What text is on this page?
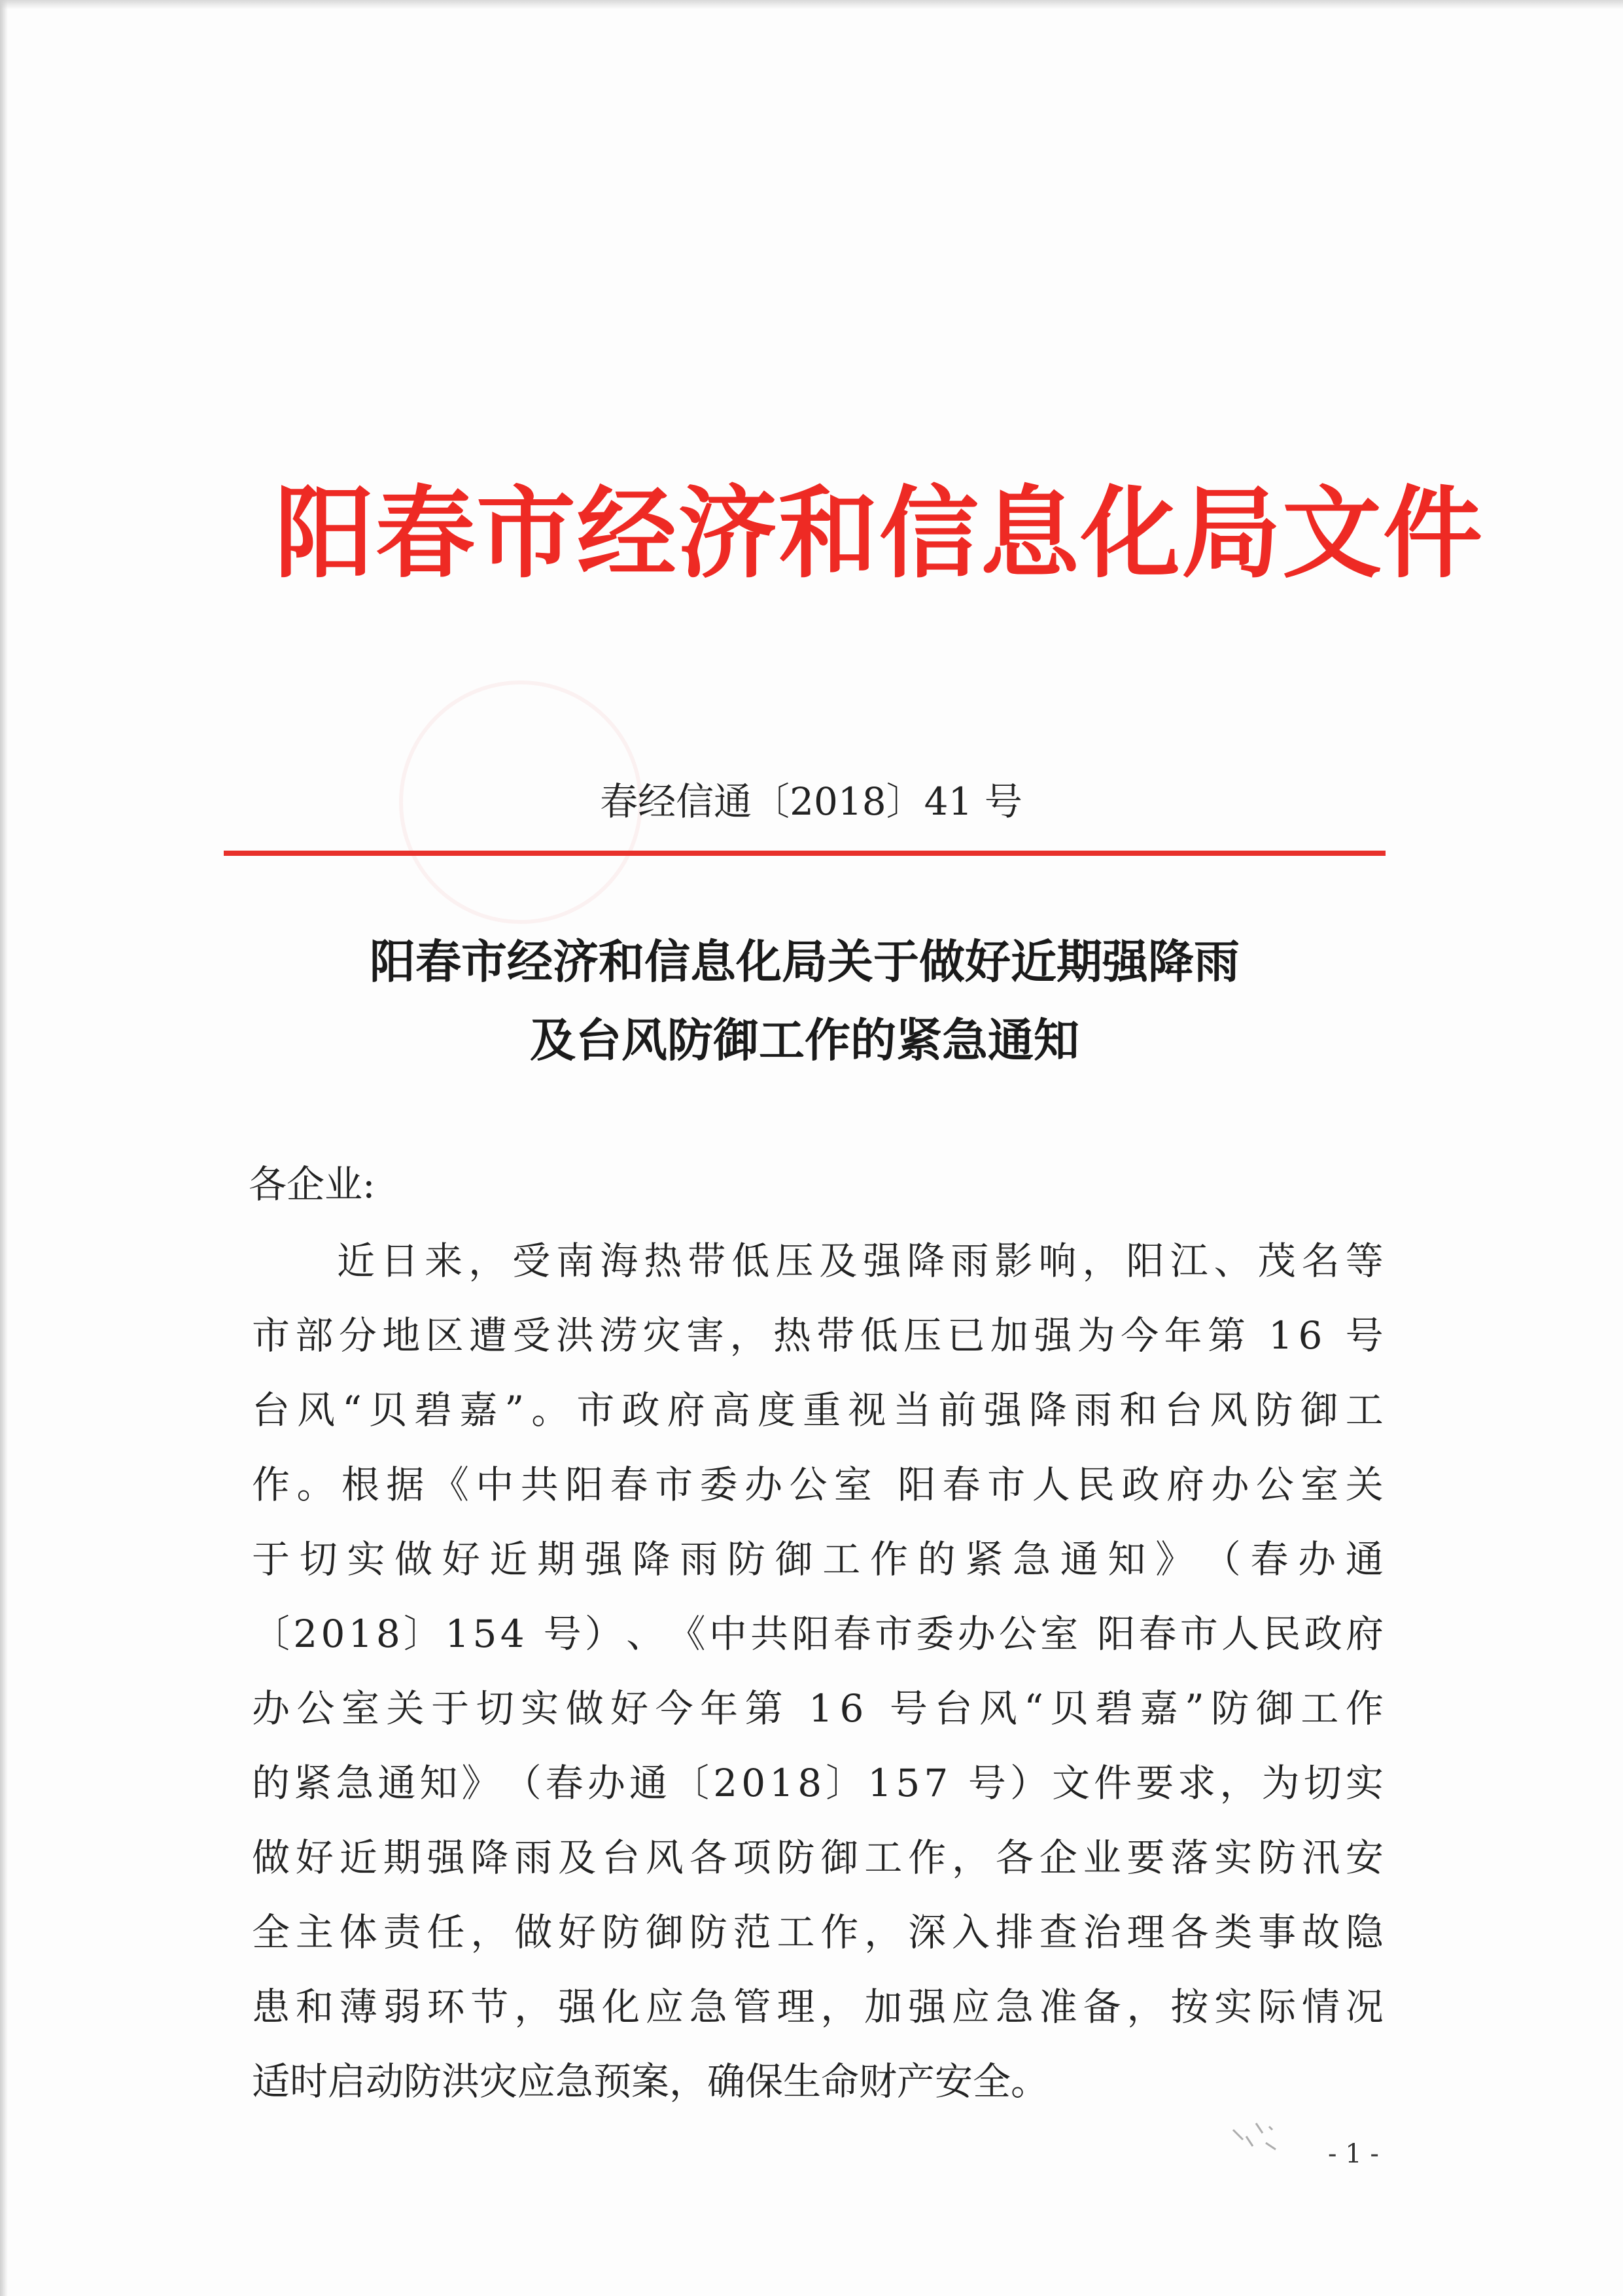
阳春市经济和信息化局文件
春经信通〔2018〕41 号
阳春市经济和信息化局关于做好近期强降雨
及台风防御工作的紧急通知
各企业:
近 日 来 ， 受 南 海 热 带 低 压 及 强 降 雨 影 响 ， 阳 江 、 茂 名 等
市 部 分 地 区 遭 受 洪 涝 灾 害 ， 热 带 低 压 已 加 强 为 今 年 第
1 6
号
台 风 “ 贝 碧 嘉 ” 。 市 政 府 高 度 重 视 当 前 强 降 雨 和 台 风 防 御 工
作 。 根 据 《 中 共 阳 春 市 委 办 公 室
阳 春 市 人 民 政 府 办 公 室 关
于 切 实 做 好 近 期 强 降 雨 防 御 工 作 的 紧 急 通 知 》 （ 春 办 通
〔 2 0 1 8 〕 1 5 4
号 ） 、 《 中 共 阳 春 市 委 办 公 室
阳 春 市 人 民 政 府
办 公 室 关 于 切 实 做 好 今 年 第
1 6
号 台 风 “ 贝 碧 嘉 ” 防 御 工 作
的 紧 急 通 知 》 （ 春 办 通 〔 2 0 1 8 〕 1 5 7
号 ） 文 件 要 求 ， 为 切 实
做 好 近 期 强 降 雨 及 台 风 各 项 防 御 工 作 ， 各 企 业 要 落 实 防 汛 安
全 主 体 责 任 ， 做 好 防 御 防 范 工 作 ， 深 入 排 查 治 理 各 类 事 故 隐
患 和 薄 弱 环 节 ， 强 化 应 急 管 理 ， 加 强 应 急 准 备 ， 按 实 际 情 况
适时启动防洪灾应急预案，确保生命财产安全。
- 1 -
